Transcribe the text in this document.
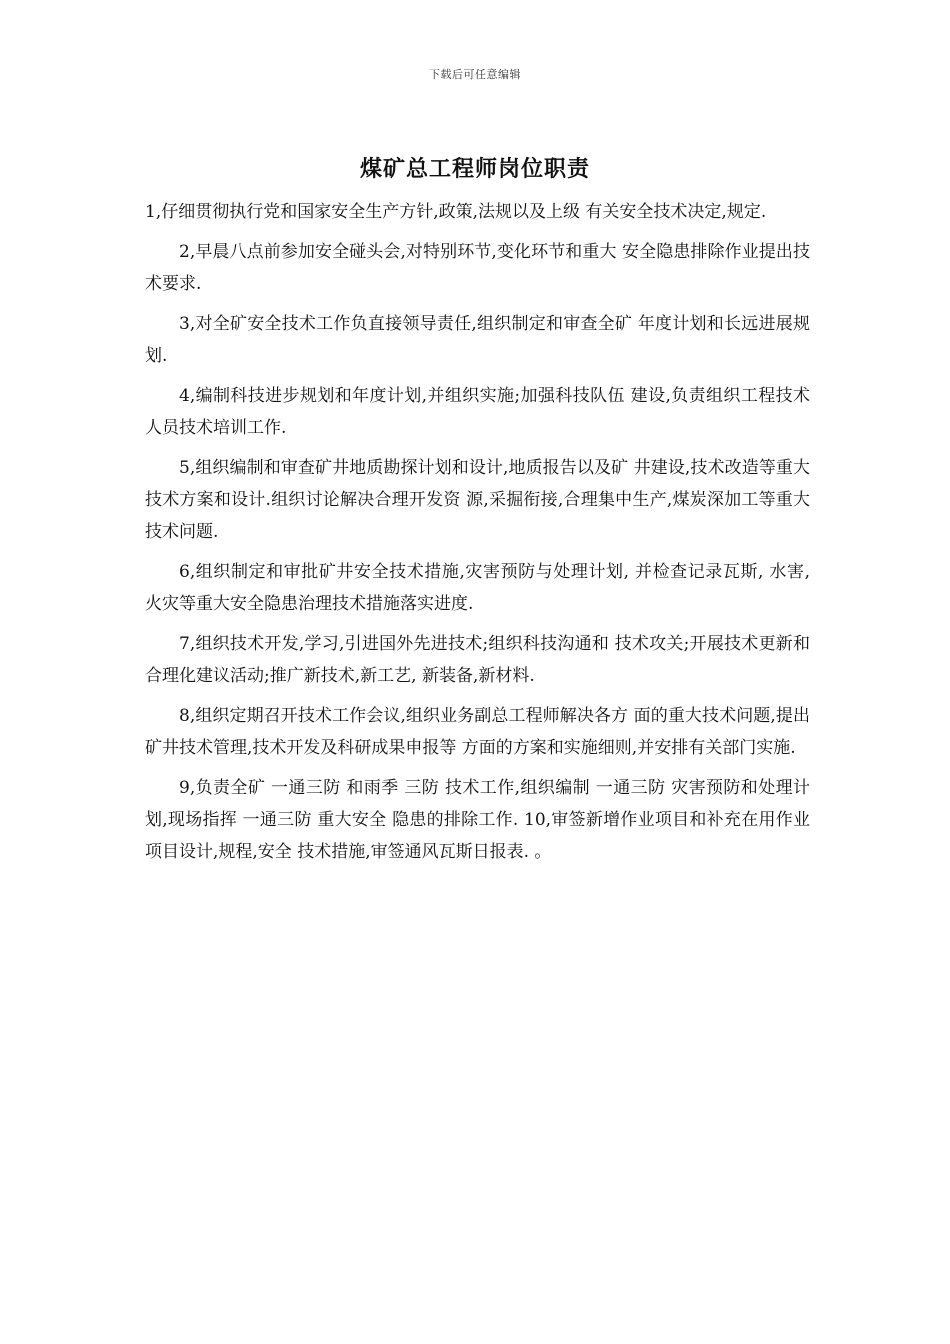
下载后可任意编辑
煤矿总工程师岗位职责

1,仔细贯彻执行党和国家安全生产方针,政策,法规以及上级 有关安全技术决定,规定.

2,早晨八点前参加安全碰头会,对特别环节,变化环节和重大 安全隐患排除作业提出技术要求.

3,对全矿安全技术工作负直接领导责任,组织制定和审查全矿 年度计划和长远进展规划.

4,编制科技进步规划和年度计划,并组织实施;加强科技队伍 建设,负责组织工程技术人员技术培训工作.

5,组织编制和审查矿井地质勘探计划和设计,地质报告以及矿 井建设,技术改造等重大技术方案和设计.组织讨论解决合理开发资 源,采掘衔接,合理集中生产,煤炭深加工等重大技术问题.

6,组织制定和审批矿井安全技术措施,灾害预防与处理计划, 并检查记录瓦斯, 水害, 火灾等重大安全隐患治理技术措施落实进度.

7,组织技术开发,学习,引进国外先进技术;组织科技沟通和 技术攻关;开展技术更新和合理化建议活动;推广新技术,新工艺, 新装备,新材料.

8,组织定期召开技术工作会议,组织业务副总工程师解决各方 面的重大技术问题,提出矿井技术管理,技术开发及科研成果申报等 方面的方案和实施细则,并安排有关部门实施.

9,负责全矿 一通三防 和雨季 三防 技术工作,组织编制 一通三防 灾害预防和处理计划,现场指挥 一通三防 重大安全 隐患的排除工作. 10,审签新增作业项目和补充在用作业项目设计,规程,安全 技术措施,审签通风瓦斯日报表. 。
